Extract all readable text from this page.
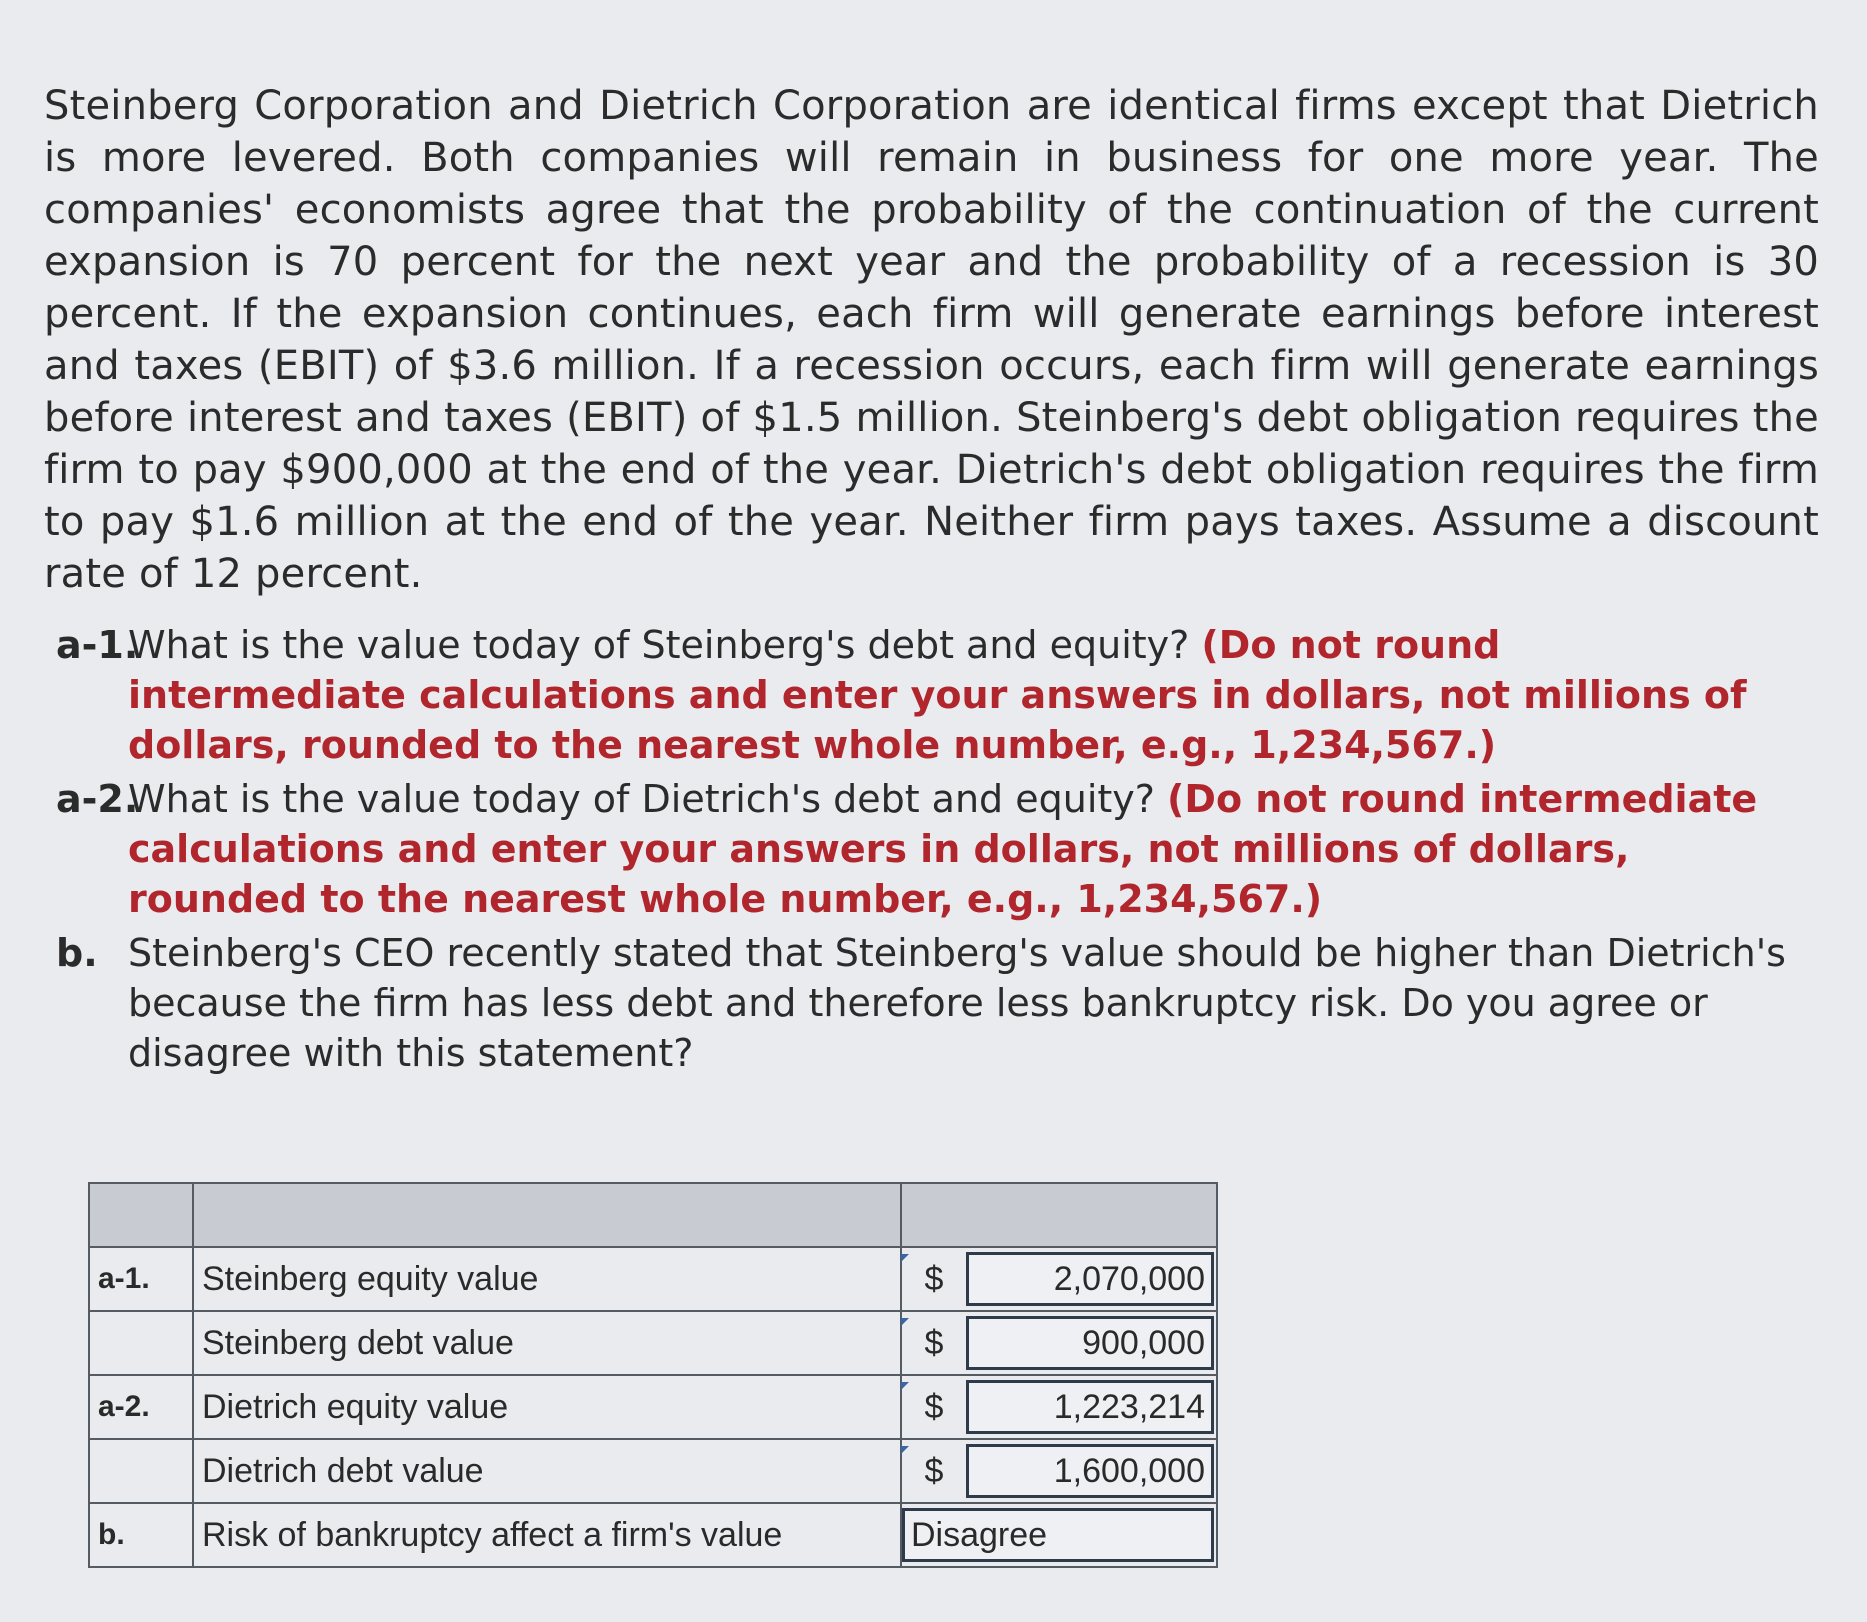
Steinberg Corporation and Dietrich Corporation are identical firms except that Dietrich is more levered. Both companies will remain in business for one more year. The companies' economists agree that the probability of the continuation of the current expansion is 70 percent for the next year and the probability of a recession is 30 percent. If the expansion continues, each firm will generate earnings before interest and taxes (EBIT) of $3.6 million. If a recession occurs, each firm will generate earnings before interest and taxes (EBIT) of $1.5 million. Steinberg's debt obligation requires the firm to pay $900,000 at the end of the year. Dietrich's debt obligation requires the firm to pay $1.6 million at the end of the year. Neither firm pays taxes. Assume a discount rate of 12 percent.

a-1.
What is the value today of Steinberg's debt and equity? (Do not round intermediate calculations and enter your answers in dollars, not millions of dollars, rounded to the nearest whole number, e.g., 1,234,567.)
a-2.
What is the value today of Dietrich's debt and equity? (Do not round intermediate calculations and enter your answers in dollars, not millions of dollars, rounded to the nearest whole number, e.g., 1,234,567.)
b. Steinberg's CEO recently stated that Steinberg's value should be higher than Dietrich's because the firm has less debt and therefore less bankruptcy risk. Do you agree or disagree with this statement?

a-1.	Steinberg equity value	$	2,070,000

	Steinberg debt value	$	900,000

a-2.	Dietrich equity value	$	1,223,214

	Dietrich debt value	$	1,600,000

b.	Risk of bankruptcy affect a firm's value	Disagree	
